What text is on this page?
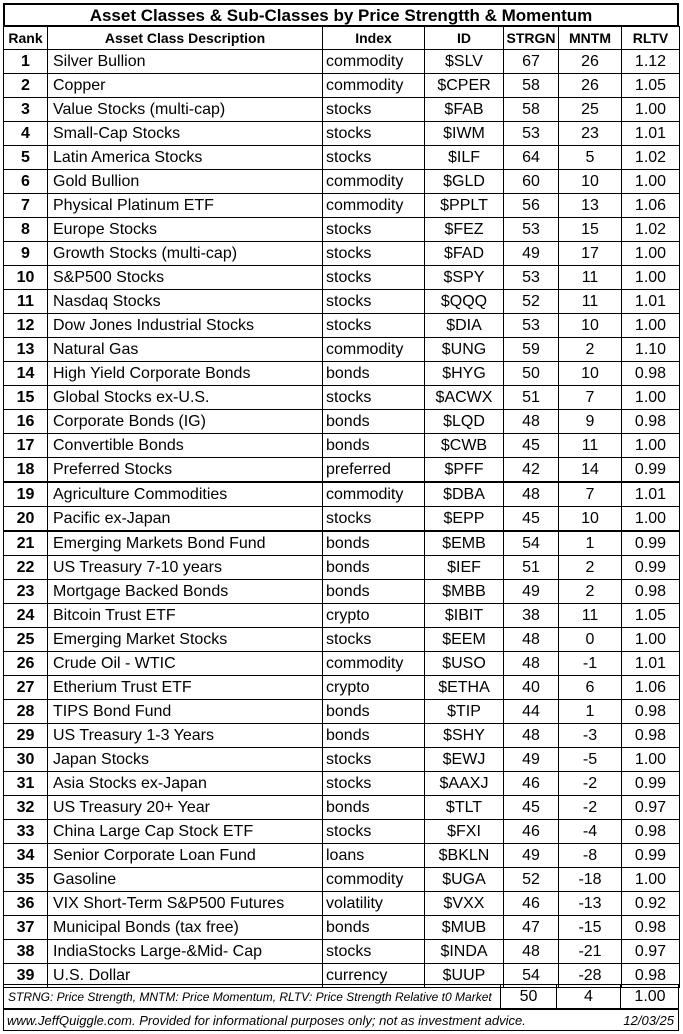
Asset Classes & Sub-Classes by Price Strengtth & Momentum
Rank	Asset Class Description	Index	ID	STRGN	MNTM	RLTV
1	Silver Bullion	commodity	$SLV	67	26	1.12
2	Copper	commodity	$CPER	58	26	1.05
3	Value Stocks (multi-cap)	stocks	$FAB	58	25	1.00
4	Small-Cap Stocks	stocks	$IWM	53	23	1.01
5	Latin America Stocks	stocks	$ILF	64	5	1.02
6	Gold Bullion	commodity	$GLD	60	10	1.00
7	Physical Platinum ETF	commodity	$PPLT	56	13	1.06
8	Europe Stocks	stocks	$FEZ	53	15	1.02
9	Growth Stocks (multi-cap)	stocks	$FAD	49	17	1.00
10	S&P500 Stocks	stocks	$SPY	53	11	1.00
11	Nasdaq Stocks	stocks	$QQQ	52	11	1.01
12	Dow Jones Industrial Stocks	stocks	$DIA	53	10	1.00
13	Natural Gas	commodity	$UNG	59	2	1.10
14	High Yield Corporate Bonds	bonds	$HYG	50	10	0.98
15	Global Stocks ex-U.S.	stocks	$ACWX	51	7	1.00
16	Corporate Bonds (IG)	bonds	$LQD	48	9	0.98
17	Convertible Bonds	bonds	$CWB	45	11	1.00
18	Preferred Stocks	preferred	$PFF	42	14	0.99
19	Agriculture Commodities	commodity	$DBA	48	7	1.01
20	Pacific ex-Japan	stocks	$EPP	45	10	1.00
21	Emerging Markets Bond Fund	bonds	$EMB	54	1	0.99
22	US Treasury 7-10 years	bonds	$IEF	51	2	0.99
23	Mortgage Backed Bonds	bonds	$MBB	49	2	0.98
24	Bitcoin Trust ETF	crypto	$IBIT	38	11	1.05
25	Emerging Market Stocks	stocks	$EEM	48	0	1.00
26	Crude Oil - WTIC	commodity	$USO	48	-1	1.01
27	Etherium Trust ETF	crypto	$ETHA	40	6	1.06
28	TIPS Bond Fund	bonds	$TIP	44	1	0.98
29	US Treasury 1-3 Years	bonds	$SHY	48	-3	0.98
30	Japan Stocks	stocks	$EWJ	49	-5	1.00
31	Asia Stocks ex-Japan	stocks	$AAXJ	46	-2	0.99
32	US Treasury 20+ Year	bonds	$TLT	45	-2	0.97
33	China Large Cap Stock ETF	stocks	$FXI	46	-4	0.98
34	Senior Corporate Loan Fund	loans	$BKLN	49	-8	0.99
35	Gasoline	commodity	$UGA	52	-18	1.00
36	VIX Short-Term S&P500 Futures	volatility	$VXX	46	-13	0.92
37	Municipal Bonds (tax free)	bonds	$MUB	47	-15	0.98
38	IndiaStocks Large-&Mid- Cap	stocks	$INDA	48	-21	0.97
39	U.S. Dollar	currency	$UUP	54	-28	0.98
STRNG: Price Strength, MNTM: Price Momentum, RLTV: Price Strength Relative t0 Market	50	4	1.00
www.JeffQuiggle.com. Provided for informational purposes only; not as investment advice.	12/03/25
